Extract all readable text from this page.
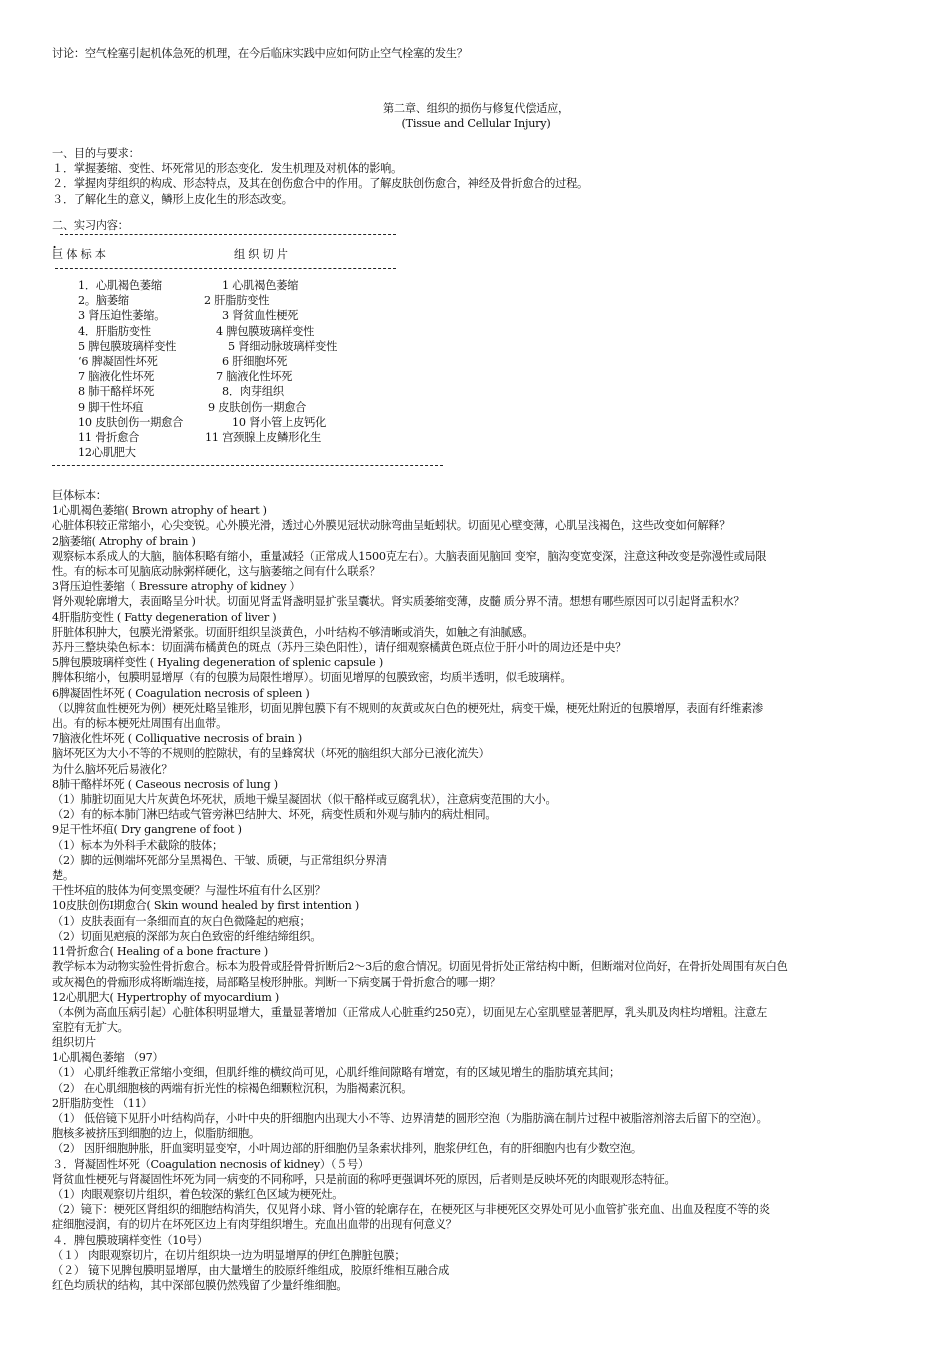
讨论：空气栓塞引起机体急死的机理，在今后临床实践中应如何防止空气栓塞的发生？
第二章、组织的损伤与修复代偿适应，
(Tissue and Cellular Injury)
一、目的与要求：
１．掌握萎缩、变性、坏死常见的形态变化．发生机理及对机体的影响。
２．掌握肉芽组织的构成、形态特点，及其在创伤愈合中的作用。了解皮肤创伤愈合，神经及骨折愈合的过程。
３．了解化生的意义，鳞形上皮化生的形态改变。
二、实习内容：
.
巨 体 标 本	组 织 切 片
1．心肌褐色萎缩
2。脑萎缩
3 肾压迫性萎缩。
4．肝脂肪变性
5 脾包膜玻璃样变性
‘6 脾凝固性坏死
7 脑液化性坏死
8 肺干酪样坏死
9 脚干性坏疽
10 皮肤创伤一期愈合
11 骨折愈合
12心肌肥大
1 心肌褐色萎缩
2 肝脂肪变性
3 肾贫血性梗死
4 脾包膜玻璃样变性
5 肾细动脉玻璃样变性
6 肝细胞坏死
7 脑液化性坏死
8．肉芽组织
9 皮肤创伤一期愈合
10 肾小管上皮钙化
11 宫颈腺上皮鳞形化生
巨体标本：
1心肌褐色萎缩( Brown atrophy of heart )
心脏体积较正常缩小，心尖变锐。心外膜光滑，透过心外膜见冠状动脉弯曲呈蚯蚓状。切面见心壁变薄，心肌呈浅褐色，这些改变如何解释？
2脑萎缩( Atrophy of brain )
观察标本系成人的大脑，脑体积略有缩小，重量减轻（正常成人1500克左右）。大脑表面见脑回 变窄，脑沟变宽变深，注意这种改变是弥漫性或局限
性。有的标本可见脑底动脉粥样硬化，这与脑萎缩之间有什么联系？
3肾压迫性萎缩（ Bressure atrophy of kidney ）
肾外观轮廓增大，表面略呈分叶状。切面见肾盂肾盏明显扩张呈囊状。肾实质萎缩变薄，皮髓 质分界不清。想想有哪些原因可以引起肾盂积水？
4肝脂肪变性 ( Fatty degeneration of liver )
肝脏体积肿大，包膜光滑紧张。切面肝组织呈淡黄色，小叶结构不够清晰或消失，如触之有油腻感。
苏丹三整块染色标本：切面满布橘黄色的斑点（苏丹三染色阳性），请仔细观察橘黄色斑点位于肝小叶的周边还是中央？
5脾包膜玻璃样变性 ( Hyaling degeneration of splenic capsule )
脾体积缩小，包膜明显增厚（有的包膜为局限性增厚）。切面见增厚的包膜致密，均质半透明，似毛玻璃样。
6脾凝固性坏死 ( Coagulation necrosis of spleen )
（以脾贫血性梗死为例）梗死灶略呈锥形，切面见脾包膜下有不规则的灰黄或灰白色的梗死灶，病变干燥，梗死灶附近的包膜增厚，表面有纤维素渗
出。有的标本梗死灶周围有出血带。
7脑液化性坏死 ( Colliquative necrosis of brain )
脑坏死区为大小不等的不规则的腔隙状，有的呈蜂窝状（坏死的脑组织大部分已液化流失）
为什么脑坏死后易液化？
8肺干酪样坏死 ( Caseous necrosis of lung )
（1）肺脏切面见大片灰黄色坏死状，质地干燥呈凝固状（似干酪样或豆腐乳状），注意病变范围的大小。
（2）有的标本肺门淋巴结或气管旁淋巴结肿大、坏死，病变性质和外观与肺内的病灶相同。
9足干性坏疽( Dry gangrene of foot )
（1）标本为外科手术截除的肢体；
（2）脚的远侧端坏死部分呈黑褐色、干皱、质硬，与正常组织分界清
楚。
干性坏疽的肢体为何变黑变硬？与湿性坏疽有什么区别？
10皮肤创伤Ⅰ期愈合( Skin wound healed by first intention )
（1）皮肤表面有一条细而直的灰白色微隆起的疤痕；
（2）切面见疤痕的深部为灰白色致密的纤维结缔组织。
11骨折愈合( Healing of a bone fracture )
教学标本为动物实验性骨折愈合。标本为股骨或胫骨骨折断后2～3后的愈合情况。切面见骨折处正常结构中断，但断端对位尚好，在骨折处周围有灰白色
或灰褐色的骨痂形成将断端连接，局部略呈梭形肿胀。判断一下病变属于骨折愈合的哪一期？
12心肌肥大( Hypertrophy of myocardium )
（本例为高血压病引起）心脏体积明显增大，重量显著增加（正常成人心脏重约250克），切面见左心室肌壁显著肥厚，乳头肌及肉柱均增粗。注意左
室腔有无扩大。
组织切片
1心肌褐色萎缩 （97）
（1） 心肌纤维教正常缩小变细，但肌纤维的横纹尚可见，心肌纤维间隙略有增宽，有的区域见增生的脂肪填充其间；
（2） 在心肌细胞核的两端有折光性的棕褐色细颗粒沉积，为脂褐素沉积。
2肝脂肪变性 （11）
（1） 低倍镜下见肝小叶结构尚存，小叶中央的肝细胞内出现大小不等、边界清楚的圆形空泡（为脂肪滴在制片过程中被脂溶剂溶去后留下的空泡）。
胞核多被挤压到细胞的边上，似脂肪细胞。
（2） 因肝细胞肿胀，肝血窦明显变窄，小叶周边部的肝细胞仍呈条索状排列，胞浆伊红色，有的肝细胞内也有少数空泡。
３．肾凝固性坏死（Coagulation necnosis of kidney）（５号）
肾贫血性梗死与肾凝固性坏死为同一病变的不同称呼，只是前面的称呼更强调坏死的原因，后者则是反映坏死的肉眼观形态特征。
（1）肉眼观察切片组织，着色较深的紫红色区域为梗死灶。
（2）镜下：梗死区肾组织的细胞结构消失，仅见肾小球、肾小管的轮廓存在，在梗死区与非梗死区交界处可见小血管扩张充血、出血及程度不等的炎
症细胞浸润，有的切片在坏死区边上有肉芽组织增生。充血出血带的出现有何意义？
４．脾包膜玻璃样变性（10号）
（１） 肉眼观察切片，在切片组织块一边为明显增厚的伊红色脾脏包膜；
（２） 镜下见脾包膜明显增厚，由大量增生的胶原纤维组成，胶原纤维相互融合成
红色均质状的结构，其中深部包膜仍然残留了少量纤维细胞。
